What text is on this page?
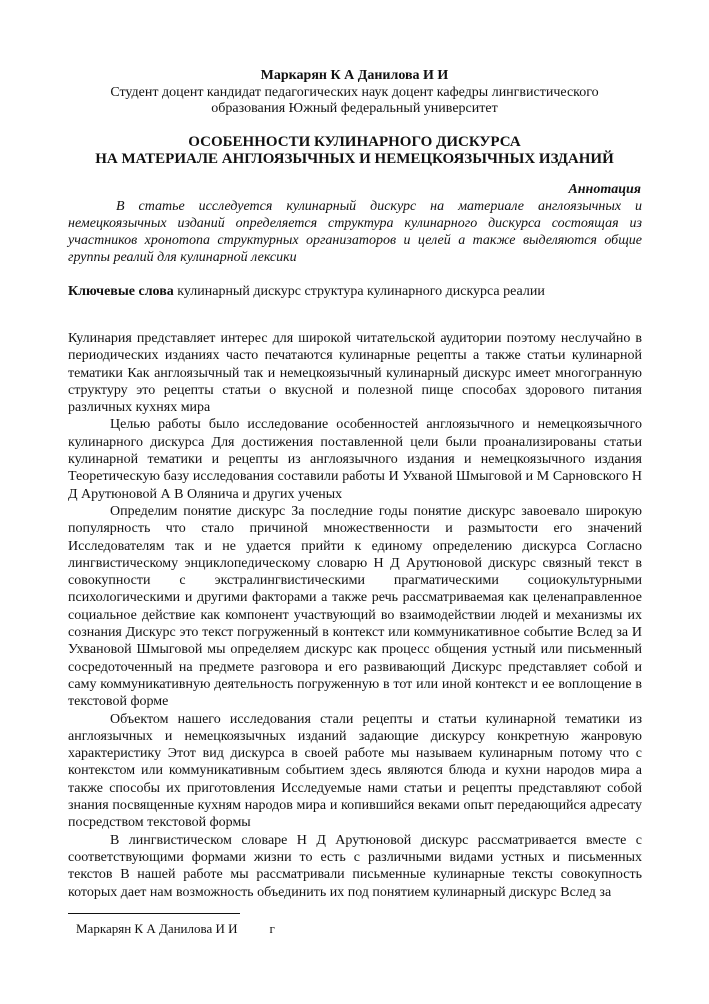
Маркарян К А Данилова И И
Студент доцент кандидат педагогических наук доцент кафедры лингвистического
образования Южный федеральный университет
ОСОБЕННОСТИ КУЛИНАРНОГО ДИСКУРСА
НА МАТЕРИАЛЕ АНГЛОЯЗЫЧНЫХ И НЕМЕЦКОЯЗЫЧНЫХ ИЗДАНИЙ
Аннотация
В статье исследуется кулинарный дискурс на материале англоязычных и немецкоязычных изданий определяется структура кулинарного дискурса состоящая из участников хронотопа структурных организаторов и целей а также выделяются общие группы реалий для кулинарной лексики
Ключевые слова кулинарный дискурс структура кулинарного дискурса реалии

Кулинария представляет интерес для широкой читательской аудитории поэтому неслучайно в периодических изданиях часто печатаются кулинарные рецепты а также статьи кулинарной тематики Как англоязычный так и немецкоязычный кулинарный дискурс имеет многогранную структуру это рецепты статьи о вкусной и полезной пище способах здорового питания различных кухнях мира

Целью работы было исследование особенностей англоязычного и немецкоязычного кулинарного дискурса Для достижения поставленной цели были проанализированы статьи кулинарной тематики и рецепты из англоязычного издания и немецкоязычного издания Теоретическую базу исследования составили работы И Ухваной Шмыговой и М Сарновского Н Д Арутюновой А В Олянича и других ученых

Определим понятие дискурс За последние годы понятие дискурс завоевало широкую популярность что стало причиной множественности и размытости его значений Исследователям так и не удается прийти к единому определению дискурса Согласно лингвистическому энциклопедическому словарю Н Д Арутюновой дискурс связный текст в совокупности с экстралингвистическими прагматическими социокультурными психологическими и другими факторами а также речь рассматриваемая как целенаправленное социальное действие как компонент участвующий во взаимодействии людей и механизмы их сознания Дискурс это текст погруженный в контекст или коммуникативное событие Вслед за И Ухвановой Шмыговой мы определяем дискурс как процесс общения устный или письменный сосредоточенный на предмете разговора и его развивающий Дискурс представляет собой и саму коммуникативную деятельность погруженную в тот или иной контекст и ее воплощение в текстовой форме

Объектом нашего исследования стали рецепты и статьи кулинарной тематики из англоязычных и немецкоязычных изданий задающие дискурсу конкретную жанровую характеристику Этот вид дискурса в своей работе мы называем кулинарным потому что с контекстом или коммуникативным событием здесь являются блюда и кухни народов мира а также способы их приготовления Исследуемые нами статьи и рецепты представляют собой знания посвященные кухням народов мира и копившийся веками опыт передающийся адресату посредством текстовой формы

В лингвистическом словаре Н Д Арутюновой дискурс рассматривается вместе с соответствующими формами жизни то есть с различными видами устных и письменных текстов В нашей работе мы рассматривали письменные кулинарные тексты совокупность которых дает нам возможность объединить их под понятием кулинарный дискурс Вслед за

Маркарян К А Данилова И И г
